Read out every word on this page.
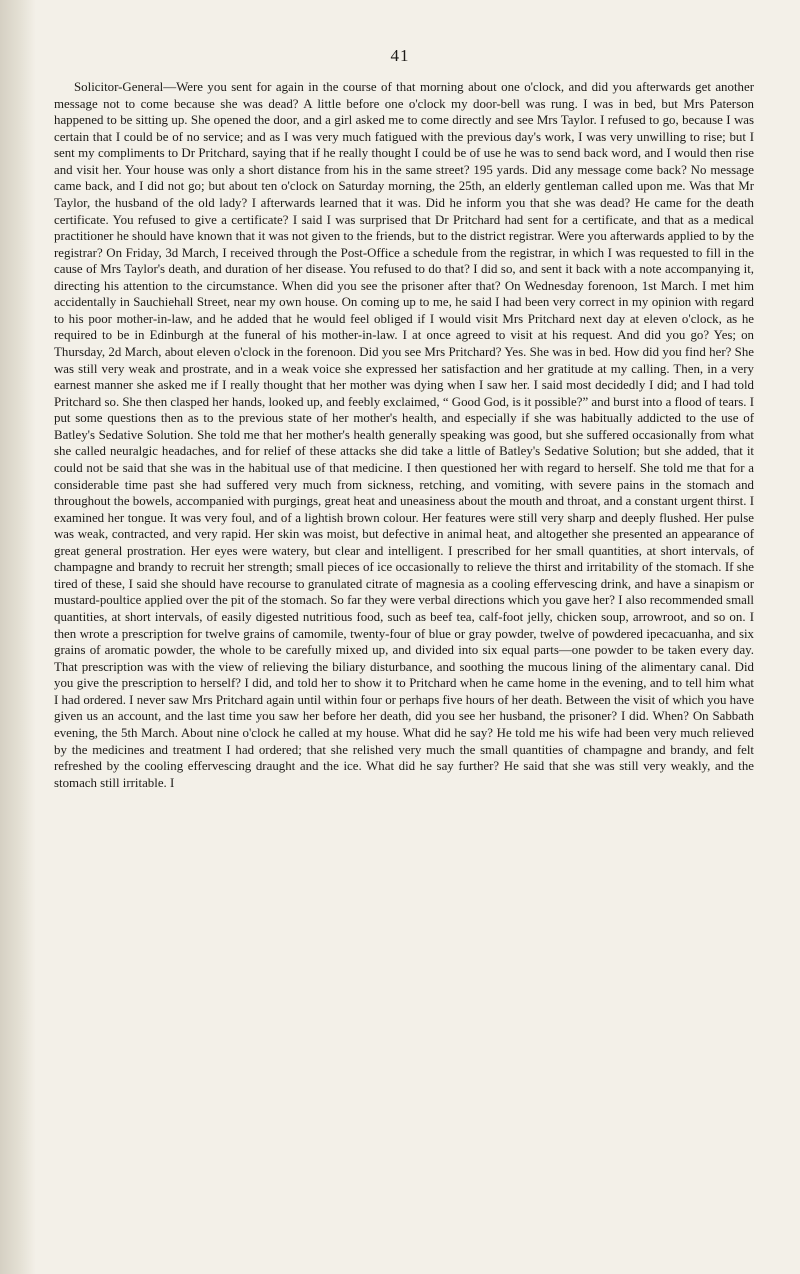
41

Solicitor-General—Were you sent for again in the course of that morning about one o'clock, and did you afterwards get another message not to come because she was dead? A little before one o'clock my door-bell was rung. I was in bed, but Mrs Paterson happened to be sitting up. She opened the door, and a girl asked me to come directly and see Mrs Taylor. I refused to go, because I was certain that I could be of no service; and as I was very much fatigued with the previous day's work, I was very unwilling to rise; but I sent my compliments to Dr Pritchard, saying that if he really thought I could be of use he was to send back word, and I would then rise and visit her. Your house was only a short distance from his in the same street? 195 yards. Did any message come back? No message came back, and I did not go; but about ten o'clock on Saturday morning, the 25th, an elderly gentleman called upon me. Was that Mr Taylor, the husband of the old lady? I afterwards learned that it was. Did he inform you that she was dead? He came for the death certificate. You refused to give a certificate? I said I was surprised that Dr Pritchard had sent for a certificate, and that as a medical practitioner he should have known that it was not given to the friends, but to the district registrar. Were you afterwards applied to by the registrar? On Friday, 3d March, I received through the Post-Office a schedule from the registrar, in which I was requested to fill in the cause of Mrs Taylor's death, and duration of her disease. You refused to do that? I did so, and sent it back with a note accompanying it, directing his attention to the circumstance. When did you see the prisoner after that? On Wednesday forenoon, 1st March. I met him accidentally in Sauchiehall Street, near my own house. On coming up to me, he said I had been very correct in my opinion with regard to his poor mother-in-law, and he added that he would feel obliged if I would visit Mrs Pritchard next day at eleven o'clock, as he required to be in Edinburgh at the funeral of his mother-in-law. I at once agreed to visit at his request. And did you go? Yes; on Thursday, 2d March, about eleven o'clock in the forenoon. Did you see Mrs Pritchard? Yes. She was in bed. How did you find her? She was still very weak and prostrate, and in a weak voice she expressed her satisfaction and her gratitude at my calling. Then, in a very earnest manner she asked me if I really thought that her mother was dying when I saw her. I said most decidedly I did; and I had told Pritchard so. She then clasped her hands, looked up, and feebly exclaimed, “ Good God, is it possible?” and burst into a flood of tears. I put some questions then as to the previous state of her mother's health, and especially if she was habitually addicted to the use of Batley's Sedative Solution. She told me that her mother's health generally speaking was good, but she suffered occasionally from what she called neuralgic headaches, and for relief of these attacks she did take a little of Batley's Sedative Solution; but she added, that it could not be said that she was in the habitual use of that medicine. I then questioned her with regard to herself. She told me that for a considerable time past she had suffered very much from sickness, retching, and vomiting, with severe pains in the stomach and throughout the bowels, accompanied with purgings, great heat and uneasiness about the mouth and throat, and a constant urgent thirst. I examined her tongue. It was very foul, and of a lightish brown colour. Her features were still very sharp and deeply flushed. Her pulse was weak, contracted, and very rapid. Her skin was moist, but defective in animal heat, and altogether she presented an appearance of great general prostration. Her eyes were watery, but clear and intelligent. I prescribed for her small quantities, at short intervals, of champagne and brandy to recruit her strength; small pieces of ice occasionally to relieve the thirst and irritability of the stomach. If she tired of these, I said she should have recourse to granulated citrate of magnesia as a cooling effervescing drink, and have a sinapism or mustard-poultice applied over the pit of the stomach. So far they were verbal directions which you gave her? I also recommended small quantities, at short intervals, of easily digested nutritious food, such as beef tea, calf-foot jelly, chicken soup, arrowroot, and so on. I then wrote a prescription for twelve grains of camomile, twenty-four of blue or gray powder, twelve of powdered ipecacuanha, and six grains of aromatic powder, the whole to be carefully mixed up, and divided into six equal parts—one powder to be taken every day. That prescription was with the view of relieving the biliary disturbance, and soothing the mucous lining of the alimentary canal. Did you give the prescription to herself? I did, and told her to show it to Pritchard when he came home in the evening, and to tell him what I had ordered. I never saw Mrs Pritchard again until within four or perhaps five hours of her death. Between the visit of which you have given us an account, and the last time you saw her before her death, did you see her husband, the prisoner? I did. When? On Sabbath evening, the 5th March. About nine o'clock he called at my house. What did he say? He told me his wife had been very much relieved by the medicines and treatment I had ordered; that she relished very much the small quantities of champagne and brandy, and felt refreshed by the cooling effervescing draught and the ice. What did he say further? He said that she was still very weakly, and the stomach still irritable. I
